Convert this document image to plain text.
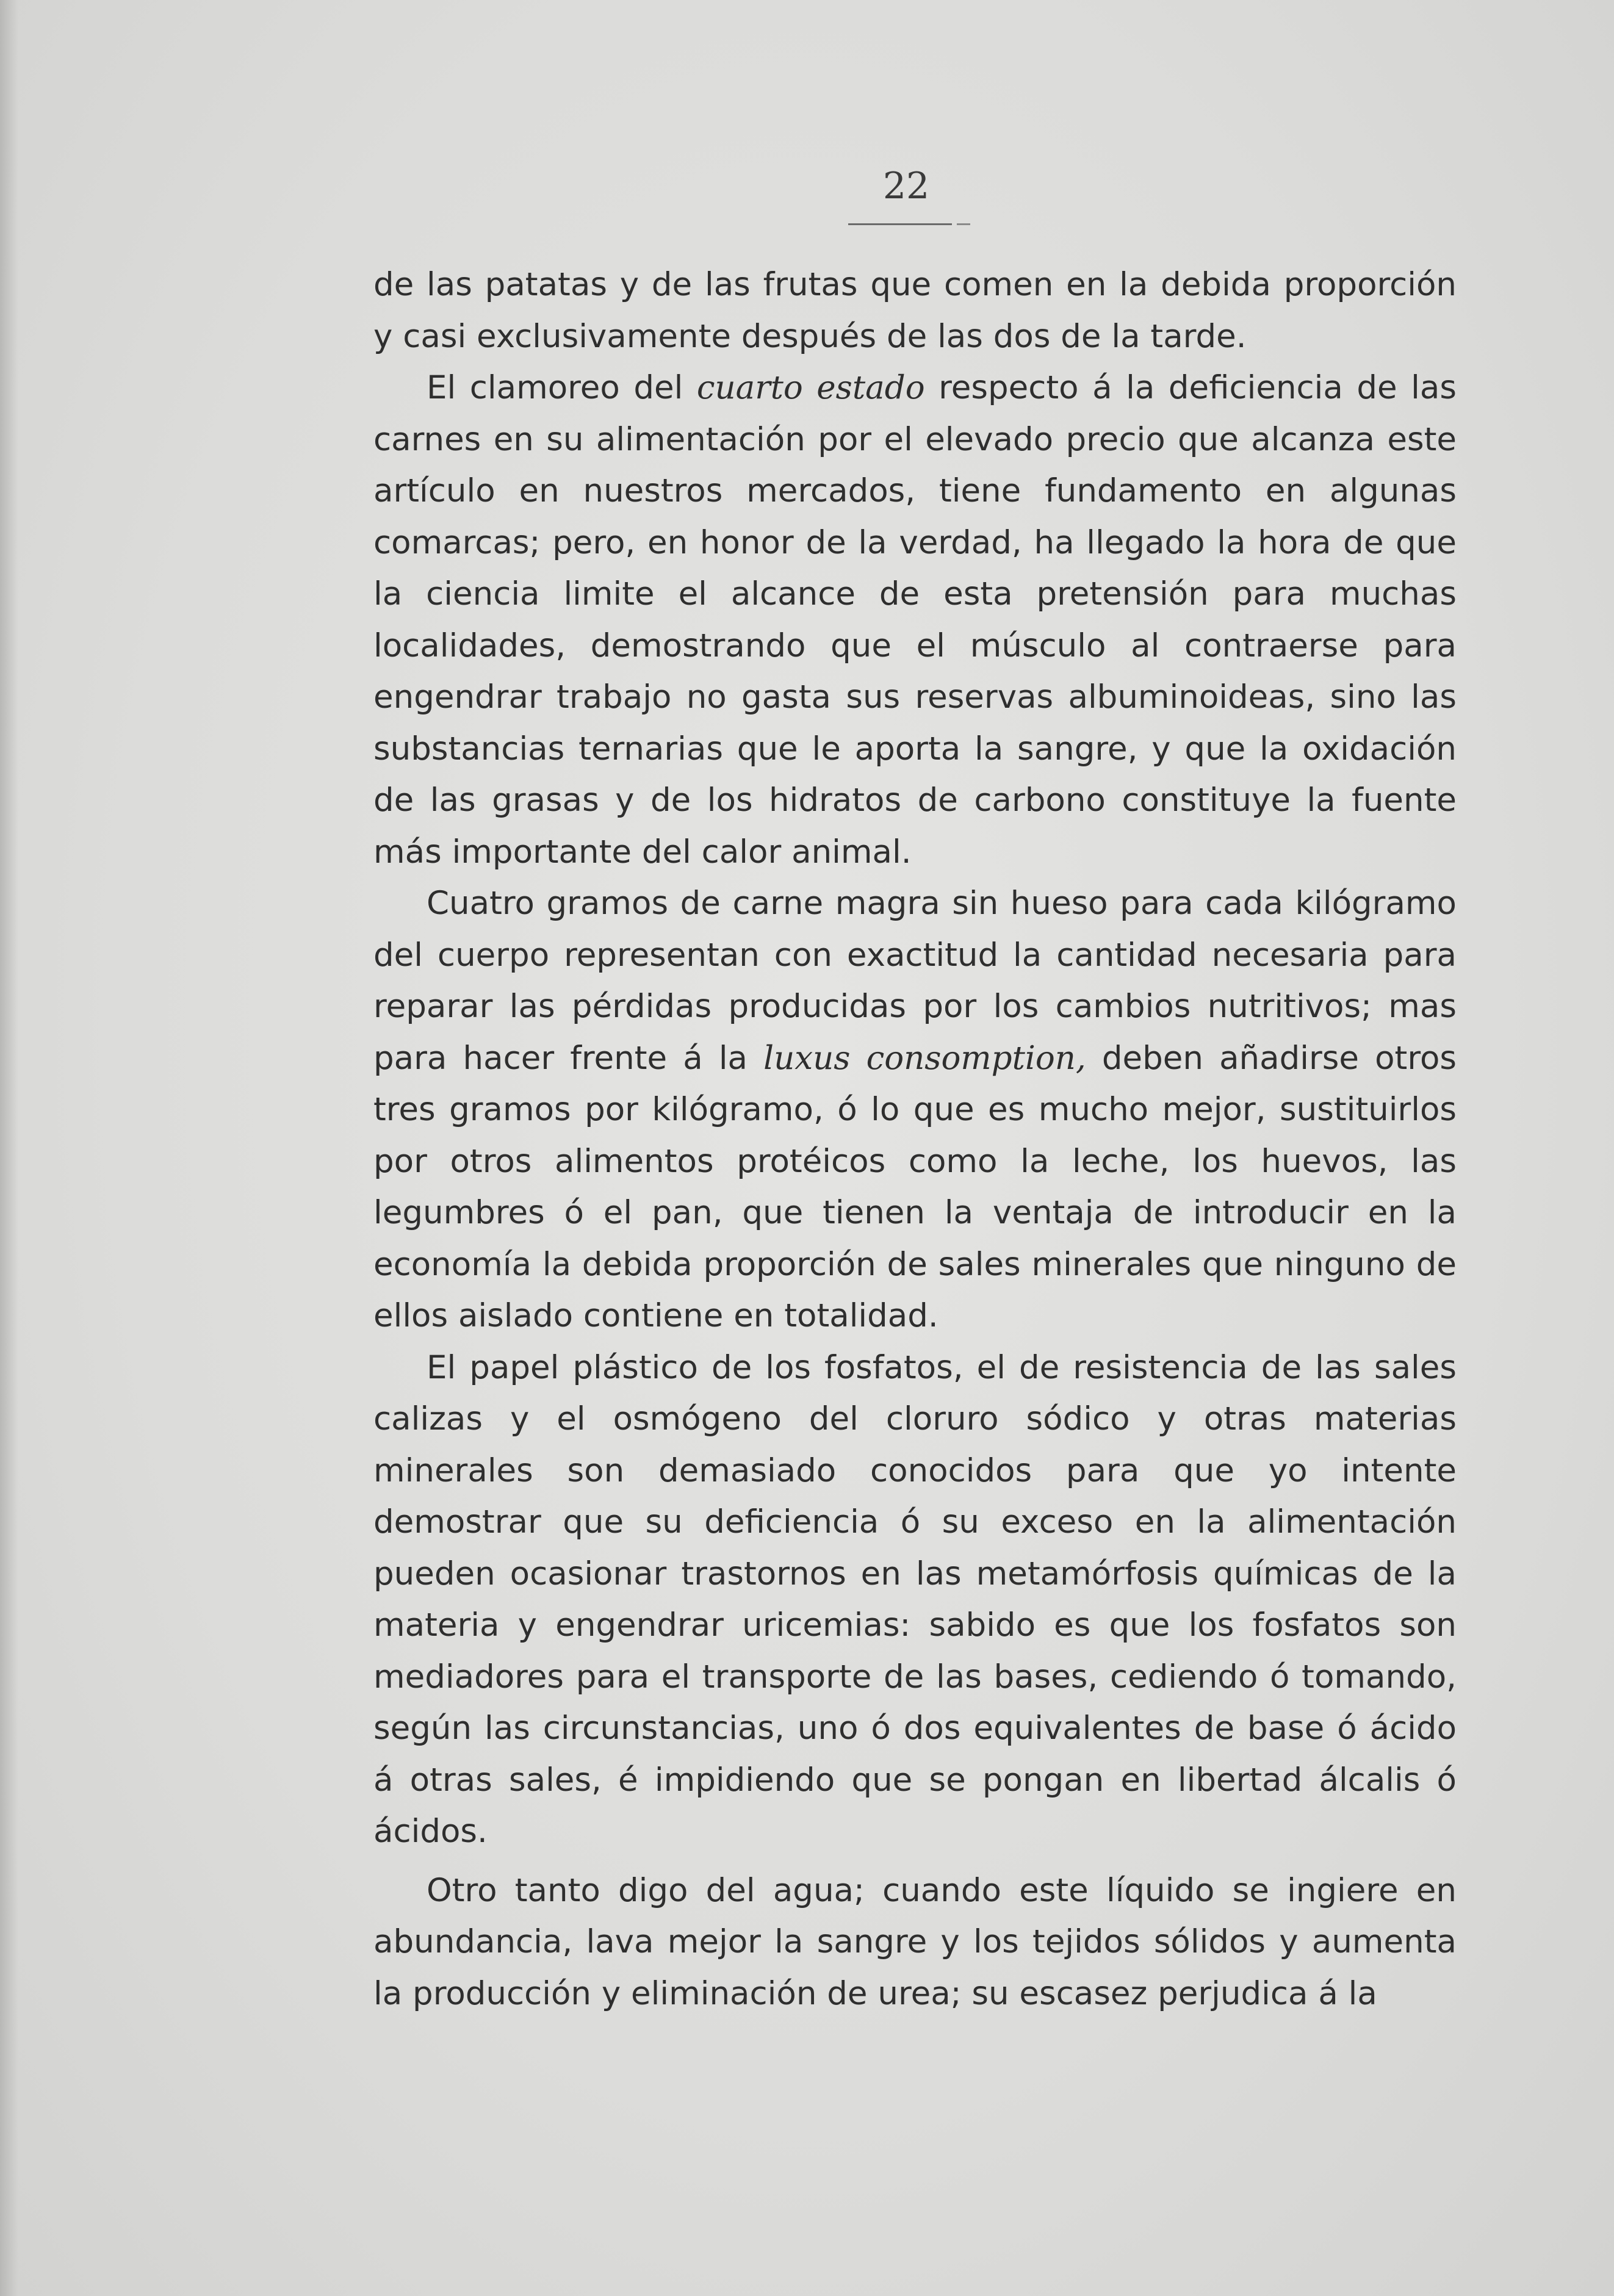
22

de las patatas y de las frutas que comen en la debida proporción y casi exclusivamente después de las dos de la tarde.

El clamoreo del cuarto estado respecto á la deficiencia de las carnes en su alimentación por el elevado precio que alcanza este artículo en nuestros mercados, tiene fundamento en algunas comarcas; pero, en honor de la verdad, ha llegado la hora de que la ciencia limite el alcance de esta pretensión para muchas localidades, demostrando que el músculo al contraerse para engendrar trabajo no gasta sus reservas albuminoideas, sino las substancias ternarias que le aporta la sangre, y que la oxidación de las grasas y de los hidratos de carbono constituye la fuente más importante del calor animal.

Cuatro gramos de carne magra sin hueso para cada kilógramo del cuerpo representan con exactitud la cantidad necesaria para reparar las pérdidas producidas por los cambios nutritivos; mas para hacer frente á la luxus consomption, deben añadirse otros tres gramos por kilógramo, ó lo que es mucho mejor, sustituirlos por otros alimentos protéicos como la leche, los huevos, las legumbres ó el pan, que tienen la ventaja de introducir en la economía la debida proporción de sales minerales que ninguno de ellos aislado contiene en totalidad.

El papel plástico de los fosfatos, el de resistencia de las sales calizas y el osmógeno del cloruro sódico y otras materias minerales son demasiado conocidos para que yo intente demostrar que su deficiencia ó su exceso en la alimentación pueden ocasionar trastornos en las metamórfosis químicas de la materia y engendrar uricemias: sabido es que los fosfatos son mediadores para el transporte de las bases, cediendo ó tomando, según las circunstancias, uno ó dos equivalentes de base ó ácido á otras sales, é impidiendo que se pongan en libertad álcalis ó ácidos.

Otro tanto digo del agua; cuando este líquido se ingiere en abundancia, lava mejor la sangre y los tejidos sólidos y aumenta la producción y eliminación de urea; su escasez perjudica á la
